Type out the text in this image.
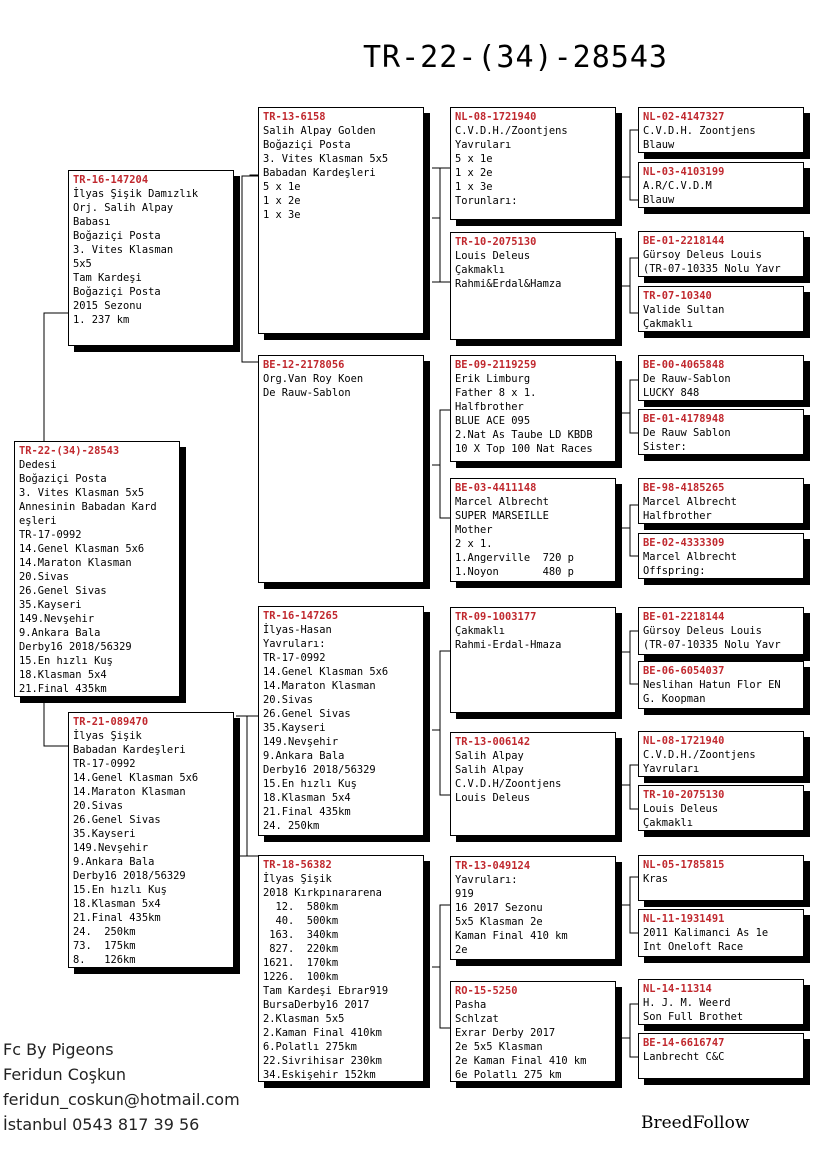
TR-22-(34)-28543
TR-22-(34)-28543
Dedesi
Boğaziçi Posta
3. Vites Klasman 5x5
Annesinin Babadan Kard
eşleri
TR-17-0992
14.Genel Klasman 5x6
14.Maraton Klasman
20.Sivas
26.Genel Sivas
35.Kayseri
149.Nevşehir
9.Ankara Bala
Derby16 2018/56329
15.En hızlı Kuş
18.Klasman 5x4
21.Final 435km
TR-16-147204
İlyas Şişik Damızlık
Orj. Salih Alpay
Babası
Boğaziçi Posta
3. Vites Klasman
5x5
Tam Kardeşi
Boğaziçi Posta
2015 Sezonu
1. 237 km
TR-21-089470
İlyas Şişik
Babadan Kardeşleri
TR-17-0992
14.Genel Klasman 5x6
14.Maraton Klasman
20.Sivas
26.Genel Sivas
35.Kayseri
149.Nevşehir
9.Ankara Bala
Derby16 2018/56329
15.En hızlı Kuş
18.Klasman 5x4
21.Final 435km
24.  250km
73.  175km
8.   126km
TR-13-6158
Salih Alpay Golden
Boğaziçi Posta
3. Vites Klasman 5x5
Babadan Kardeşleri
5 x 1e
1 x 2e
1 x 3e
BE-12-2178056
Org.Van Roy Koen
De Rauw-Sablon
TR-16-147265
İlyas-Hasan
Yavruları:
TR-17-0992
14.Genel Klasman 5x6
14.Maraton Klasman
20.Sivas
26.Genel Sivas
35.Kayseri
149.Nevşehir
9.Ankara Bala
Derby16 2018/56329
15.En hızlı Kuş
18.Klasman 5x4
21.Final 435km
24. 250km
TR-18-56382
İlyas Şişik
2018 Kırkpınararena
12.  580km
40.  500km
163.  340km
827.  220km
1621.  170km
1226.  100km
Tam Kardeşi Ebrar919
BursaDerby16 2017
2.Klasman 5x5
2.Kaman Final 410km
6.Polatlı 275km
22.Sivrihisar 230km
34.Eskişehir 152km
NL-08-1721940
C.V.D.H./Zoontjens
Yavruları
5 x 1e
1 x 2e
1 x 3e
Torunları:
TR-10-2075130
Louis Deleus
Çakmaklı
Rahmi&Erdal&Hamza
BE-09-2119259
Erik Limburg
Father 8 x 1.
Halfbrother
BLUE ACE 095
2.Nat As Taube LD KBDB
10 X Top 100 Nat Races
BE-03-4411148
Marcel Albrecht
SUPER MARSEILLE
Mother
2 x 1.
1.Angerville  720 p
1.Noyon       480 p
TR-09-1003177
Çakmaklı
Rahmi-Erdal-Hmaza
TR-13-006142
Salih Alpay
Salih Alpay
C.V.D.H/Zoontjens
Louis Deleus
TR-13-049124
Yavruları:
919
16 2017 Sezonu
5x5 Klasman 2e
Kaman Final 410 km
2e
RO-15-5250
Pasha
Schlzat
Exrar Derby 2017
2e 5x5 Klasman
2e Kaman Final 410 km
6e Polatlı 275 km
NL-02-4147327
C.V.D.H. Zoontjens
Blauw
NL-03-4103199
A.R/C.V.D.M
Blauw
BE-01-2218144
Gürsoy Deleus Louis
(TR-07-10335 Nolu Yavr
TR-07-10340
Valide Sultan
Çakmaklı
BE-00-4065848
De Rauw-Sablon
LUCKY 848
BE-01-4178948
De Rauw Sablon
Sister:
BE-98-4185265
Marcel Albrecht
Halfbrother
BE-02-4333309
Marcel Albrecht
Offspring:
BE-01-2218144
Gürsoy Deleus Louis
(TR-07-10335 Nolu Yavr
BE-06-6054037
Neslihan Hatun Flor EN
G. Koopman
NL-08-1721940
C.V.D.H./Zoontjens
Yavruları
TR-10-2075130
Louis Deleus
Çakmaklı
NL-05-1785815
Kras
NL-11-1931491
2011 Kalimanci As 1e
Int Oneloft Race
NL-14-11314
H. J. M. Weerd
Son Full Brothet
BE-14-6616747
Lanbrecht C&C
Fc By Pigeons
Feridun Coşkun
feridun_coskun@hotmail.com
İstanbul 0543 817 39 56	BreedFollow
